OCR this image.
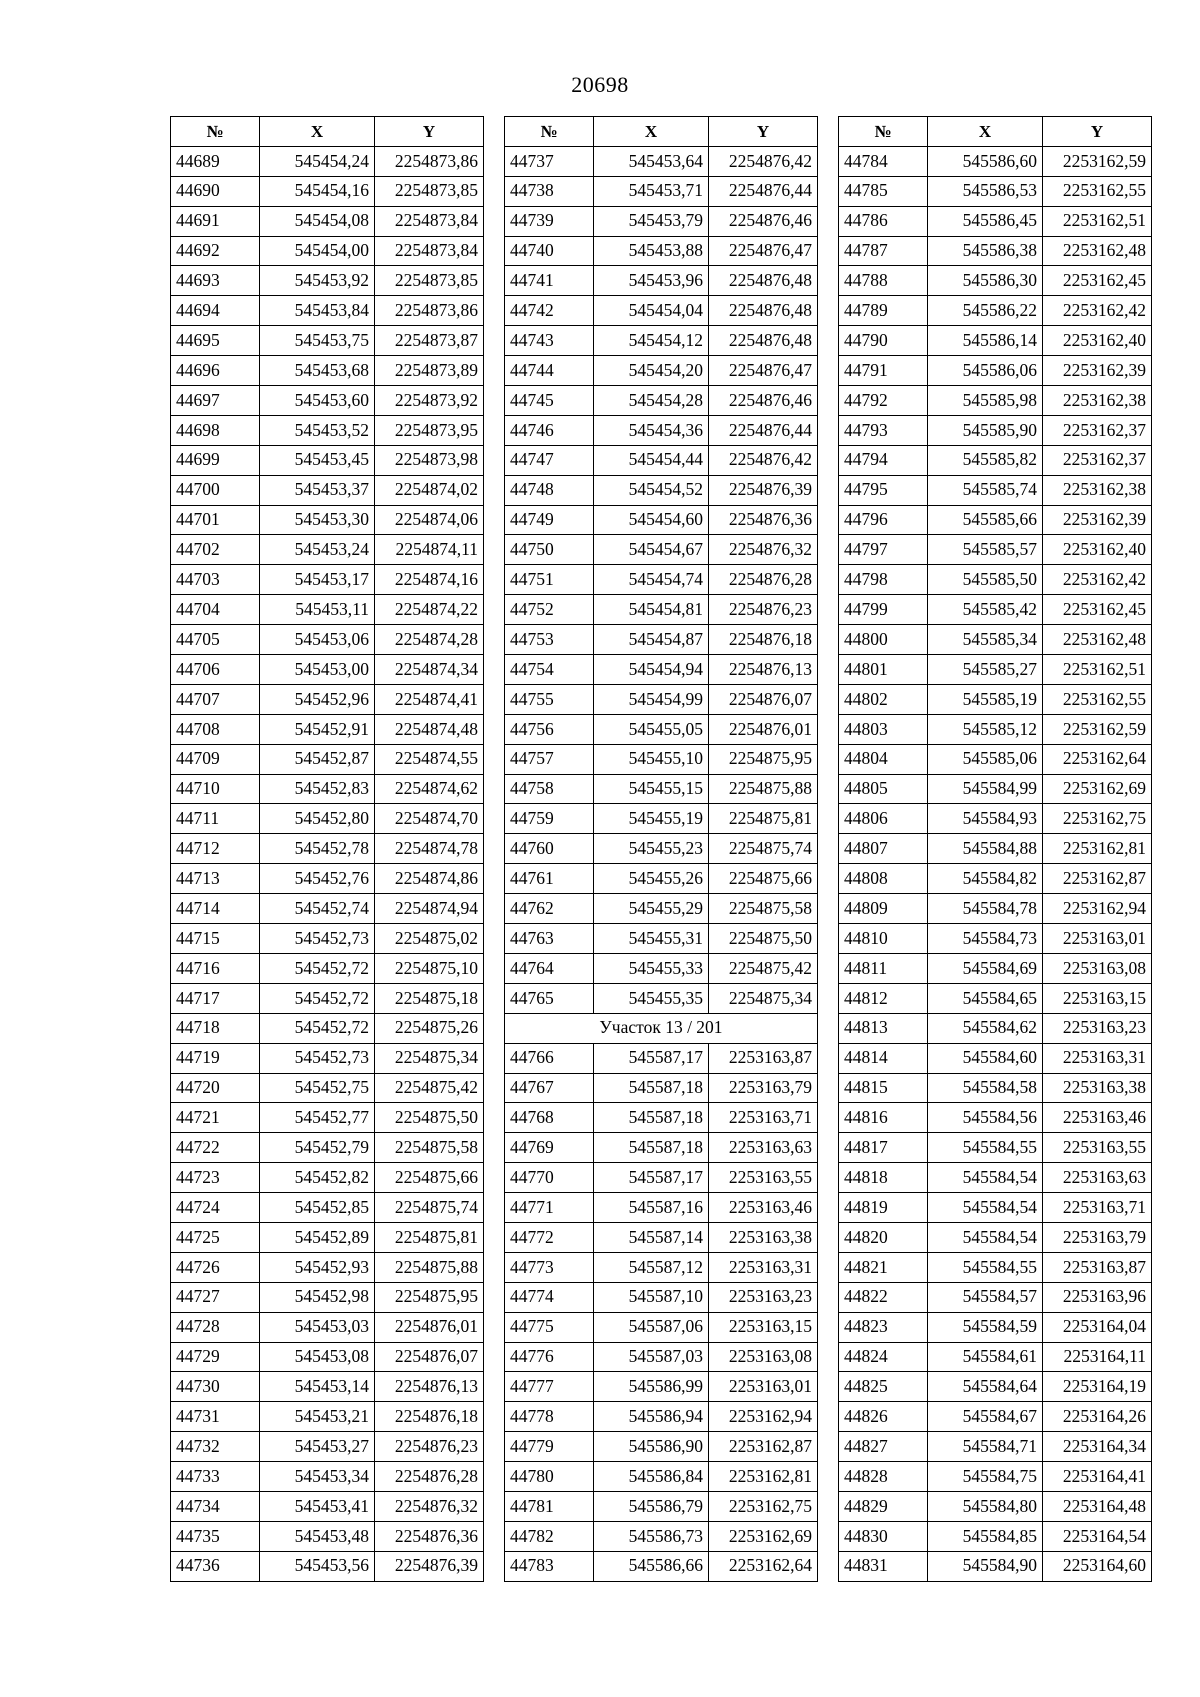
20698
№	X	Y
44689	545454,24	2254873,86
44690	545454,16	2254873,85
44691	545454,08	2254873,84
44692	545454,00	2254873,84
44693	545453,92	2254873,85
44694	545453,84	2254873,86
44695	545453,75	2254873,87
44696	545453,68	2254873,89
44697	545453,60	2254873,92
44698	545453,52	2254873,95
44699	545453,45	2254873,98
44700	545453,37	2254874,02
44701	545453,30	2254874,06
44702	545453,24	2254874,11
44703	545453,17	2254874,16
44704	545453,11	2254874,22
44705	545453,06	2254874,28
44706	545453,00	2254874,34
44707	545452,96	2254874,41
44708	545452,91	2254874,48
44709	545452,87	2254874,55
44710	545452,83	2254874,62
44711	545452,80	2254874,70
44712	545452,78	2254874,78
44713	545452,76	2254874,86
44714	545452,74	2254874,94
44715	545452,73	2254875,02
44716	545452,72	2254875,10
44717	545452,72	2254875,18
44718	545452,72	2254875,26
44719	545452,73	2254875,34
44720	545452,75	2254875,42
44721	545452,77	2254875,50
44722	545452,79	2254875,58
44723	545452,82	2254875,66
44724	545452,85	2254875,74
44725	545452,89	2254875,81
44726	545452,93	2254875,88
44727	545452,98	2254875,95
44728	545453,03	2254876,01
44729	545453,08	2254876,07
44730	545453,14	2254876,13
44731	545453,21	2254876,18
44732	545453,27	2254876,23
44733	545453,34	2254876,28
44734	545453,41	2254876,32
44735	545453,48	2254876,36
44736	545453,56	2254876,39
№	X	Y
44737	545453,64	2254876,42
44738	545453,71	2254876,44
44739	545453,79	2254876,46
44740	545453,88	2254876,47
44741	545453,96	2254876,48
44742	545454,04	2254876,48
44743	545454,12	2254876,48
44744	545454,20	2254876,47
44745	545454,28	2254876,46
44746	545454,36	2254876,44
44747	545454,44	2254876,42
44748	545454,52	2254876,39
44749	545454,60	2254876,36
44750	545454,67	2254876,32
44751	545454,74	2254876,28
44752	545454,81	2254876,23
44753	545454,87	2254876,18
44754	545454,94	2254876,13
44755	545454,99	2254876,07
44756	545455,05	2254876,01
44757	545455,10	2254875,95
44758	545455,15	2254875,88
44759	545455,19	2254875,81
44760	545455,23	2254875,74
44761	545455,26	2254875,66
44762	545455,29	2254875,58
44763	545455,31	2254875,50
44764	545455,33	2254875,42
44765	545455,35	2254875,34
Участок 13 / 201		
44766	545587,17	2253163,87
44767	545587,18	2253163,79
44768	545587,18	2253163,71
44769	545587,18	2253163,63
44770	545587,17	2253163,55
44771	545587,16	2253163,46
44772	545587,14	2253163,38
44773	545587,12	2253163,31
44774	545587,10	2253163,23
44775	545587,06	2253163,15
44776	545587,03	2253163,08
44777	545586,99	2253163,01
44778	545586,94	2253162,94
44779	545586,90	2253162,87
44780	545586,84	2253162,81
44781	545586,79	2253162,75
44782	545586,73	2253162,69
44783	545586,66	2253162,64
№	X	Y
44784	545586,60	2253162,59
44785	545586,53	2253162,55
44786	545586,45	2253162,51
44787	545586,38	2253162,48
44788	545586,30	2253162,45
44789	545586,22	2253162,42
44790	545586,14	2253162,40
44791	545586,06	2253162,39
44792	545585,98	2253162,38
44793	545585,90	2253162,37
44794	545585,82	2253162,37
44795	545585,74	2253162,38
44796	545585,66	2253162,39
44797	545585,57	2253162,40
44798	545585,50	2253162,42
44799	545585,42	2253162,45
44800	545585,34	2253162,48
44801	545585,27	2253162,51
44802	545585,19	2253162,55
44803	545585,12	2253162,59
44804	545585,06	2253162,64
44805	545584,99	2253162,69
44806	545584,93	2253162,75
44807	545584,88	2253162,81
44808	545584,82	2253162,87
44809	545584,78	2253162,94
44810	545584,73	2253163,01
44811	545584,69	2253163,08
44812	545584,65	2253163,15
44813	545584,62	2253163,23
44814	545584,60	2253163,31
44815	545584,58	2253163,38
44816	545584,56	2253163,46
44817	545584,55	2253163,55
44818	545584,54	2253163,63
44819	545584,54	2253163,71
44820	545584,54	2253163,79
44821	545584,55	2253163,87
44822	545584,57	2253163,96
44823	545584,59	2253164,04
44824	545584,61	2253164,11
44825	545584,64	2253164,19
44826	545584,67	2253164,26
44827	545584,71	2253164,34
44828	545584,75	2253164,41
44829	545584,80	2253164,48
44830	545584,85	2253164,54
44831	545584,90	2253164,60
